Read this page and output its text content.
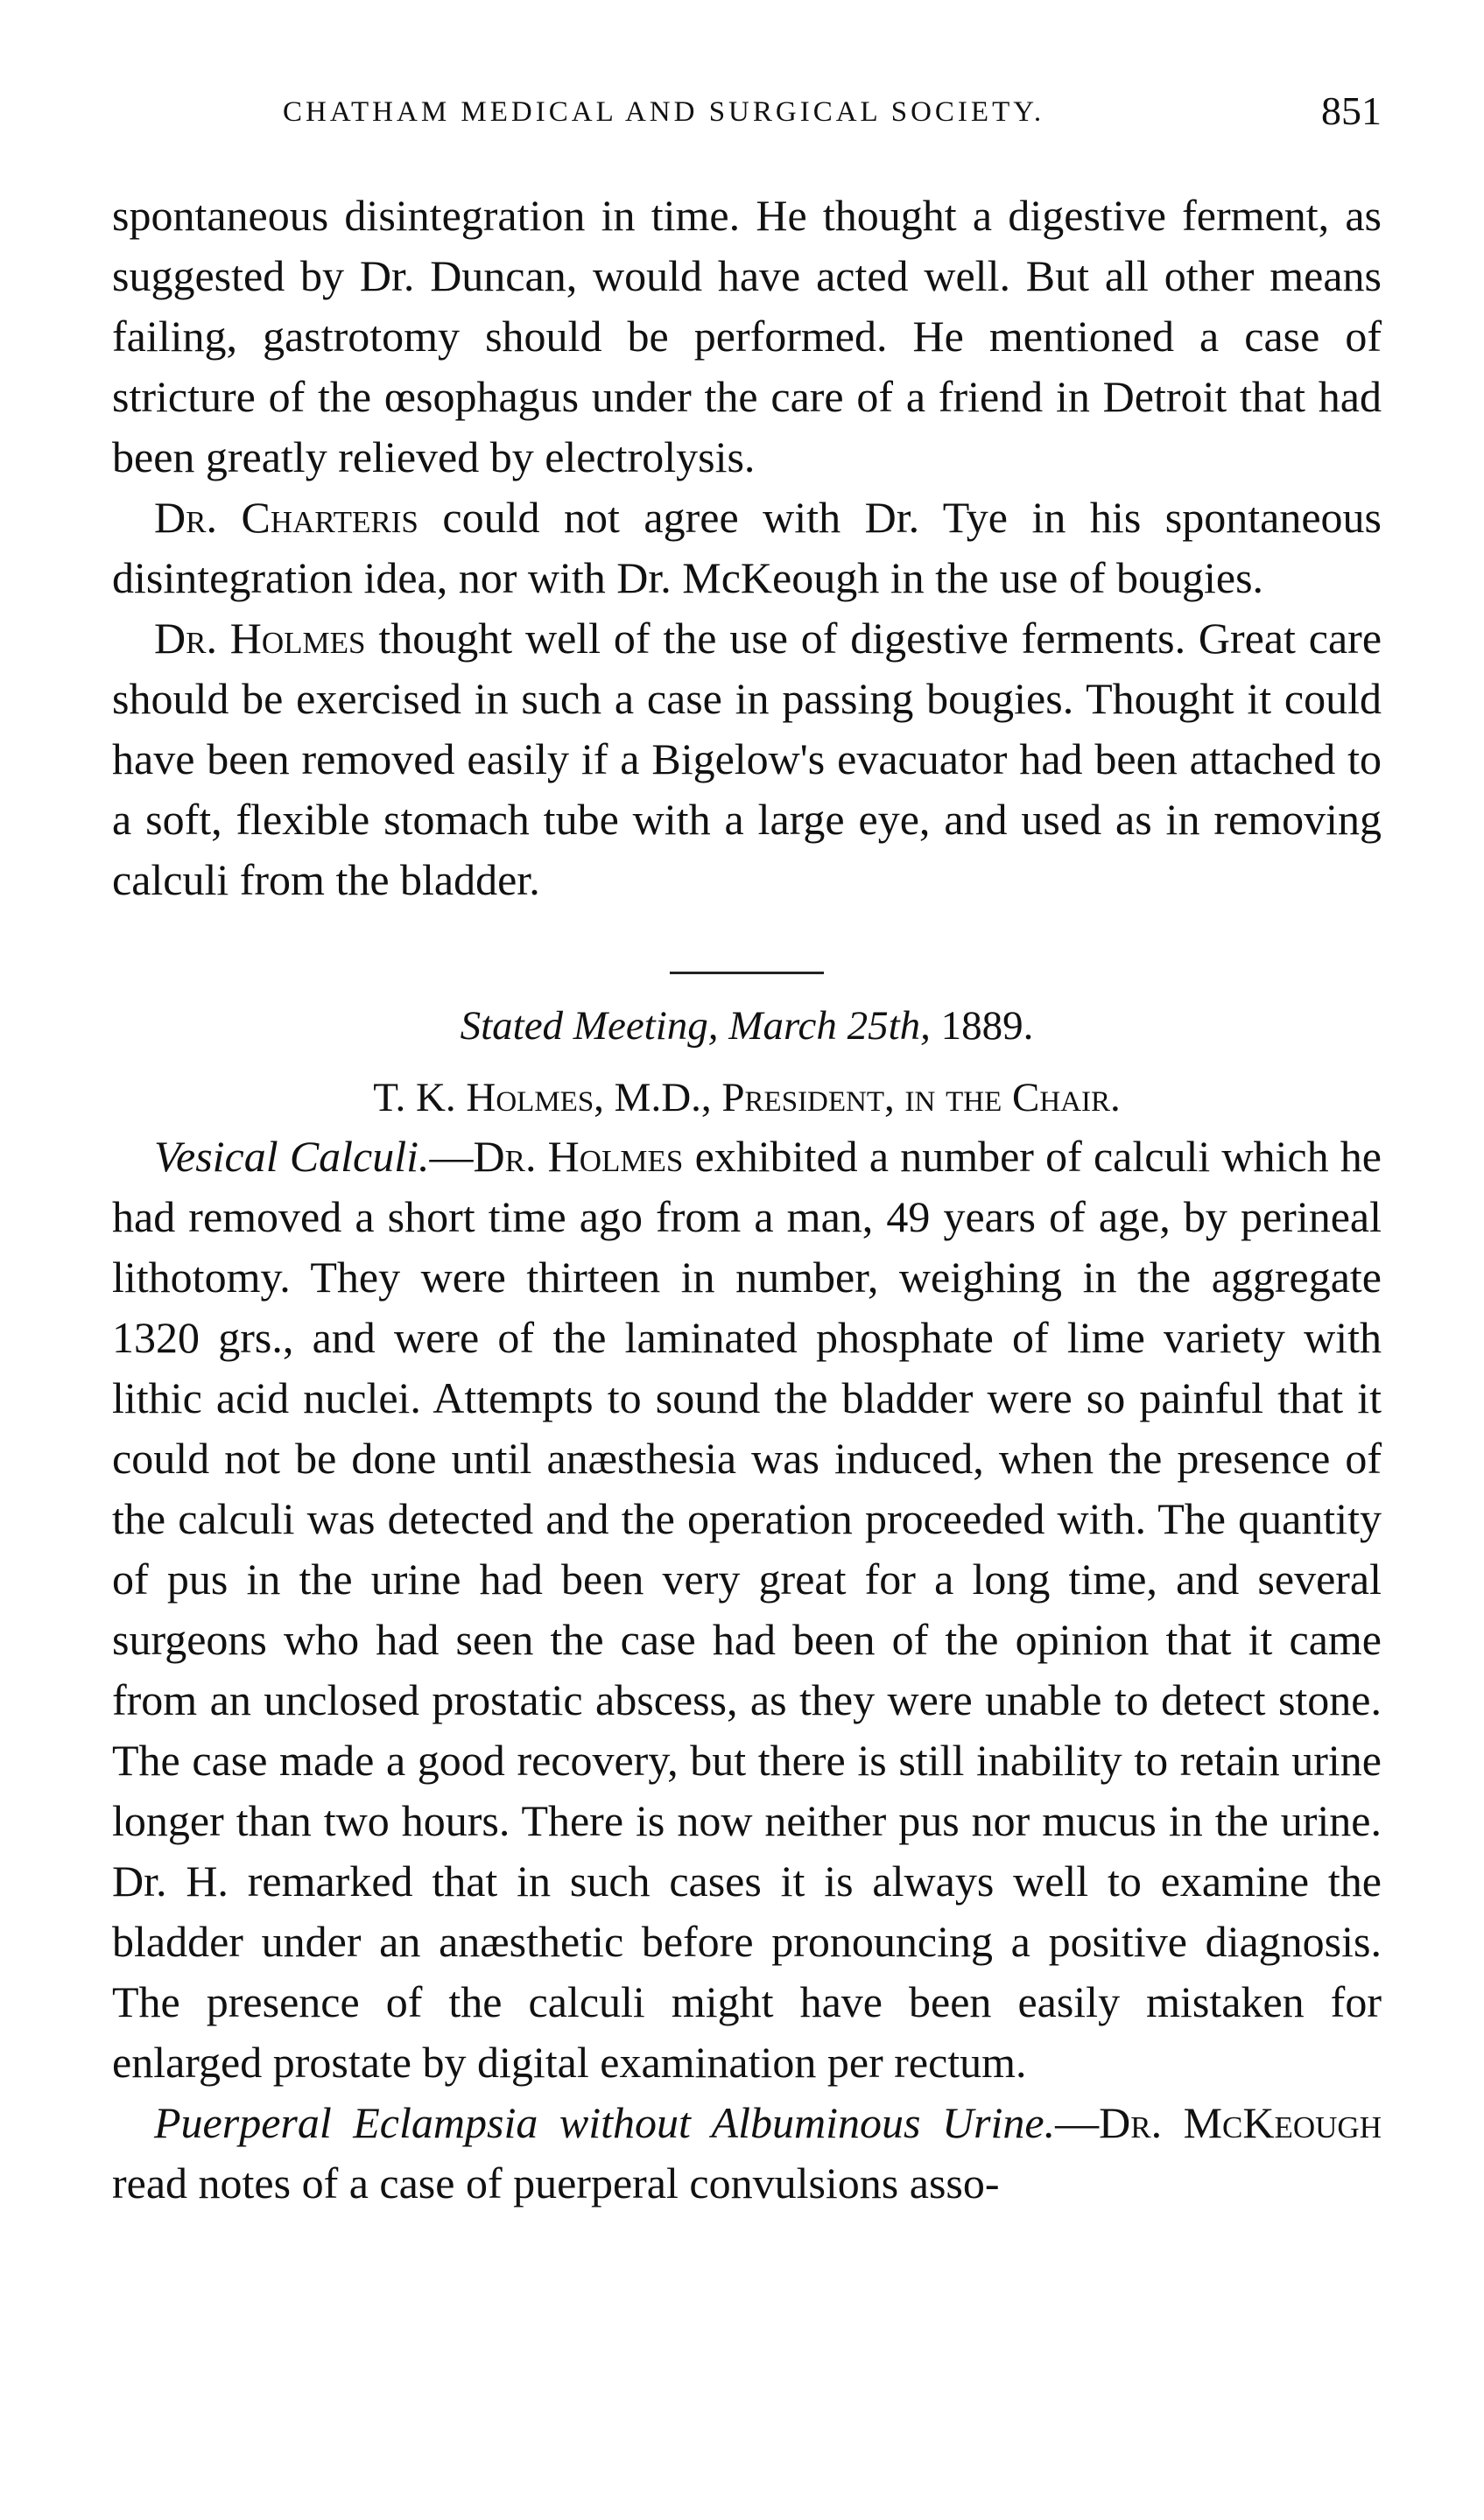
CHATHAM MEDICAL AND SURGICAL SOCIETY.	851

spontaneous disintegration in time. He thought a digestive ferment, as suggested by Dr. Duncan, would have acted well. But all other means failing, gastrotomy should be performed. He mentioned a case of stricture of the œsophagus under the care of a friend in Detroit that had been greatly relieved by electrolysis.

Dr. Charteris could not agree with Dr. Tye in his spontaneous disintegration idea, nor with Dr. McKeough in the use of bougies.

Dr. Holmes thought well of the use of digestive ferments. Great care should be exercised in such a case in passing bougies. Thought it could have been removed easily if a Bigelow's evacuator had been attached to a soft, flexible stomach tube with a large eye, and used as in removing calculi from the bladder.

Stated Meeting, March 25th, 1889.
T. K. Holmes, M.D., President, in the Chair.

Vesical Calculi.—Dr. Holmes exhibited a number of calculi which he had removed a short time ago from a man, 49 years of age, by perineal lithotomy. They were thirteen in number, weighing in the aggregate 1320 grs., and were of the laminated phosphate of lime variety with lithic acid nuclei. Attempts to sound the bladder were so painful that it could not be done until anæsthesia was induced, when the presence of the calculi was detected and the operation proceeded with. The quantity of pus in the urine had been very great for a long time, and several surgeons who had seen the case had been of the opinion that it came from an unclosed prostatic abscess, as they were unable to detect stone. The case made a good recovery, but there is still inability to retain urine longer than two hours. There is now neither pus nor mucus in the urine. Dr. H. remarked that in such cases it is always well to examine the bladder under an anæsthetic before pronouncing a positive diagnosis. The presence of the calculi might have been easily mistaken for enlarged prostate by digital examination per rectum.

Puerperal Eclampsia without Albuminous Urine.—Dr. McKeough read notes of a case of puerperal convulsions asso-
